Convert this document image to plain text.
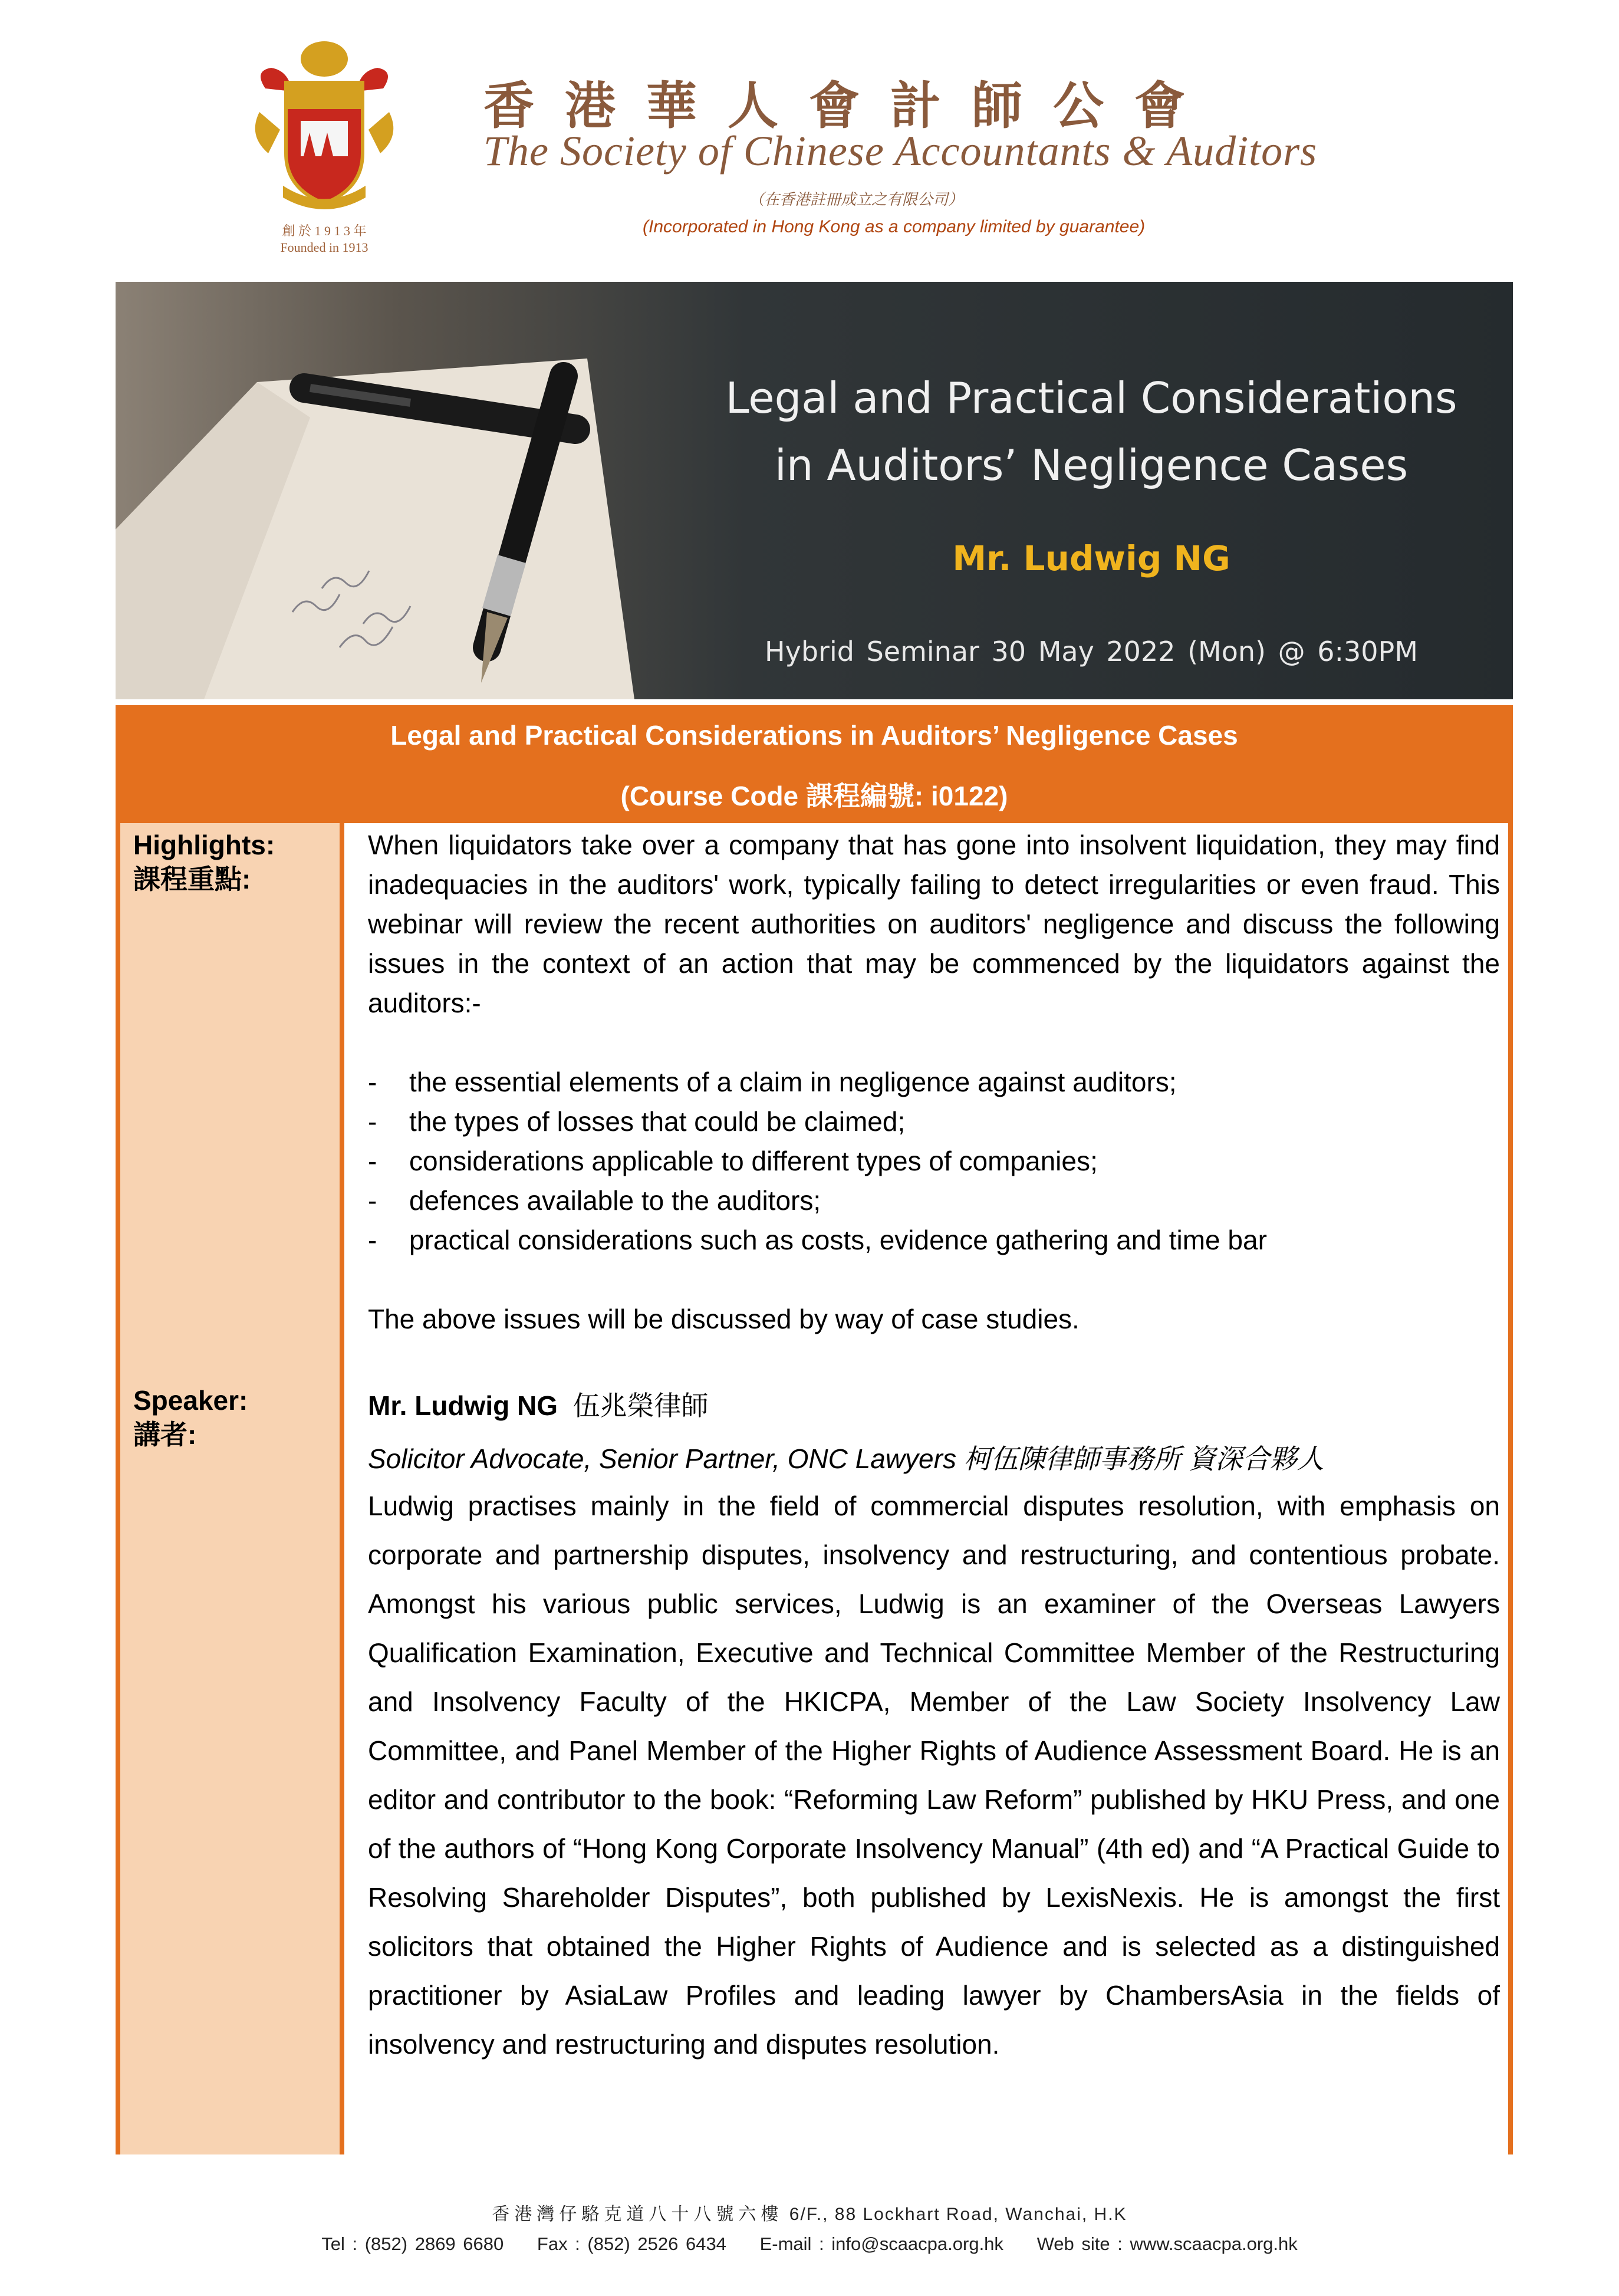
創 於 1 9 1 3 年
Founded in 1913
香港華人會計師公會
The Society of Chinese Accountants & Auditors
（在香港註冊成立之有限公司）
(Incorporated in Hong Kong as a company limited by guarantee)
Legal and Practical Considerations in Auditors’ Negligence Cases
Mr. Ludwig NG
Hybrid Seminar 30 May 2022 (Mon) @ 6:30PM
Legal and Practical Considerations in Auditors’ Negligence Cases
(Course Code 課程編號: i0122)
Highlights:
課程重點:
Speaker:
講者:

When liquidators take over a company that has gone into insolvent liquidation, they may find inadequacies in the auditors' work, typically failing to detect irregularities or even fraud. This webinar will review the recent authorities on auditors' negligence and discuss the following issues in the context of an action that may be commenced by the liquidators against the auditors:-

- the essential elements of a claim in negligence against auditors;
- the types of losses that could be claimed;
- considerations applicable to different types of companies;
- defences available to the auditors;
- practical considerations such as costs, evidence gathering and time bar

The above issues will be discussed by way of case studies.

Mr. Ludwig NG 伍兆榮律師
Solicitor Advocate, Senior Partner, ONC Lawyers 柯伍陳律師事務所 資深合夥人

Ludwig practises mainly in the field of commercial disputes resolution, with emphasis on corporate and partnership disputes, insolvency and restructuring, and contentious probate. Amongst his various public services, Ludwig is an examiner of the Overseas Lawyers Qualification Examination, Executive and Technical Committee Member of the Restructuring and Insolvency Faculty of the HKICPA, Member of the Law Society Insolvency Law Committee, and Panel Member of the Higher Rights of Audience Assessment Board. He is an editor and contributor to the book: “Reforming Law Reform” published by HKU Press, and one of the authors of “Hong Kong Corporate Insolvency Manual” (4th ed) and “A Practical Guide to Resolving Shareholder Disputes”, both published by LexisNexis. He is amongst the first solicitors that obtained the Higher Rights of Audience and is selected as a distinguished practitioner by AsiaLaw Profiles and leading lawyer by ChambersAsia in the fields of insolvency and restructuring and disputes resolution.

香港灣仔駱克道八十八號六樓 6/F., 88 Lockhart Road, Wanchai, H.K
Tel : (852) 2869 6680 Fax : (852) 2526 6434 E-mail : info@scaacpa.org.hk Web site : www.scaacpa.org.hk
